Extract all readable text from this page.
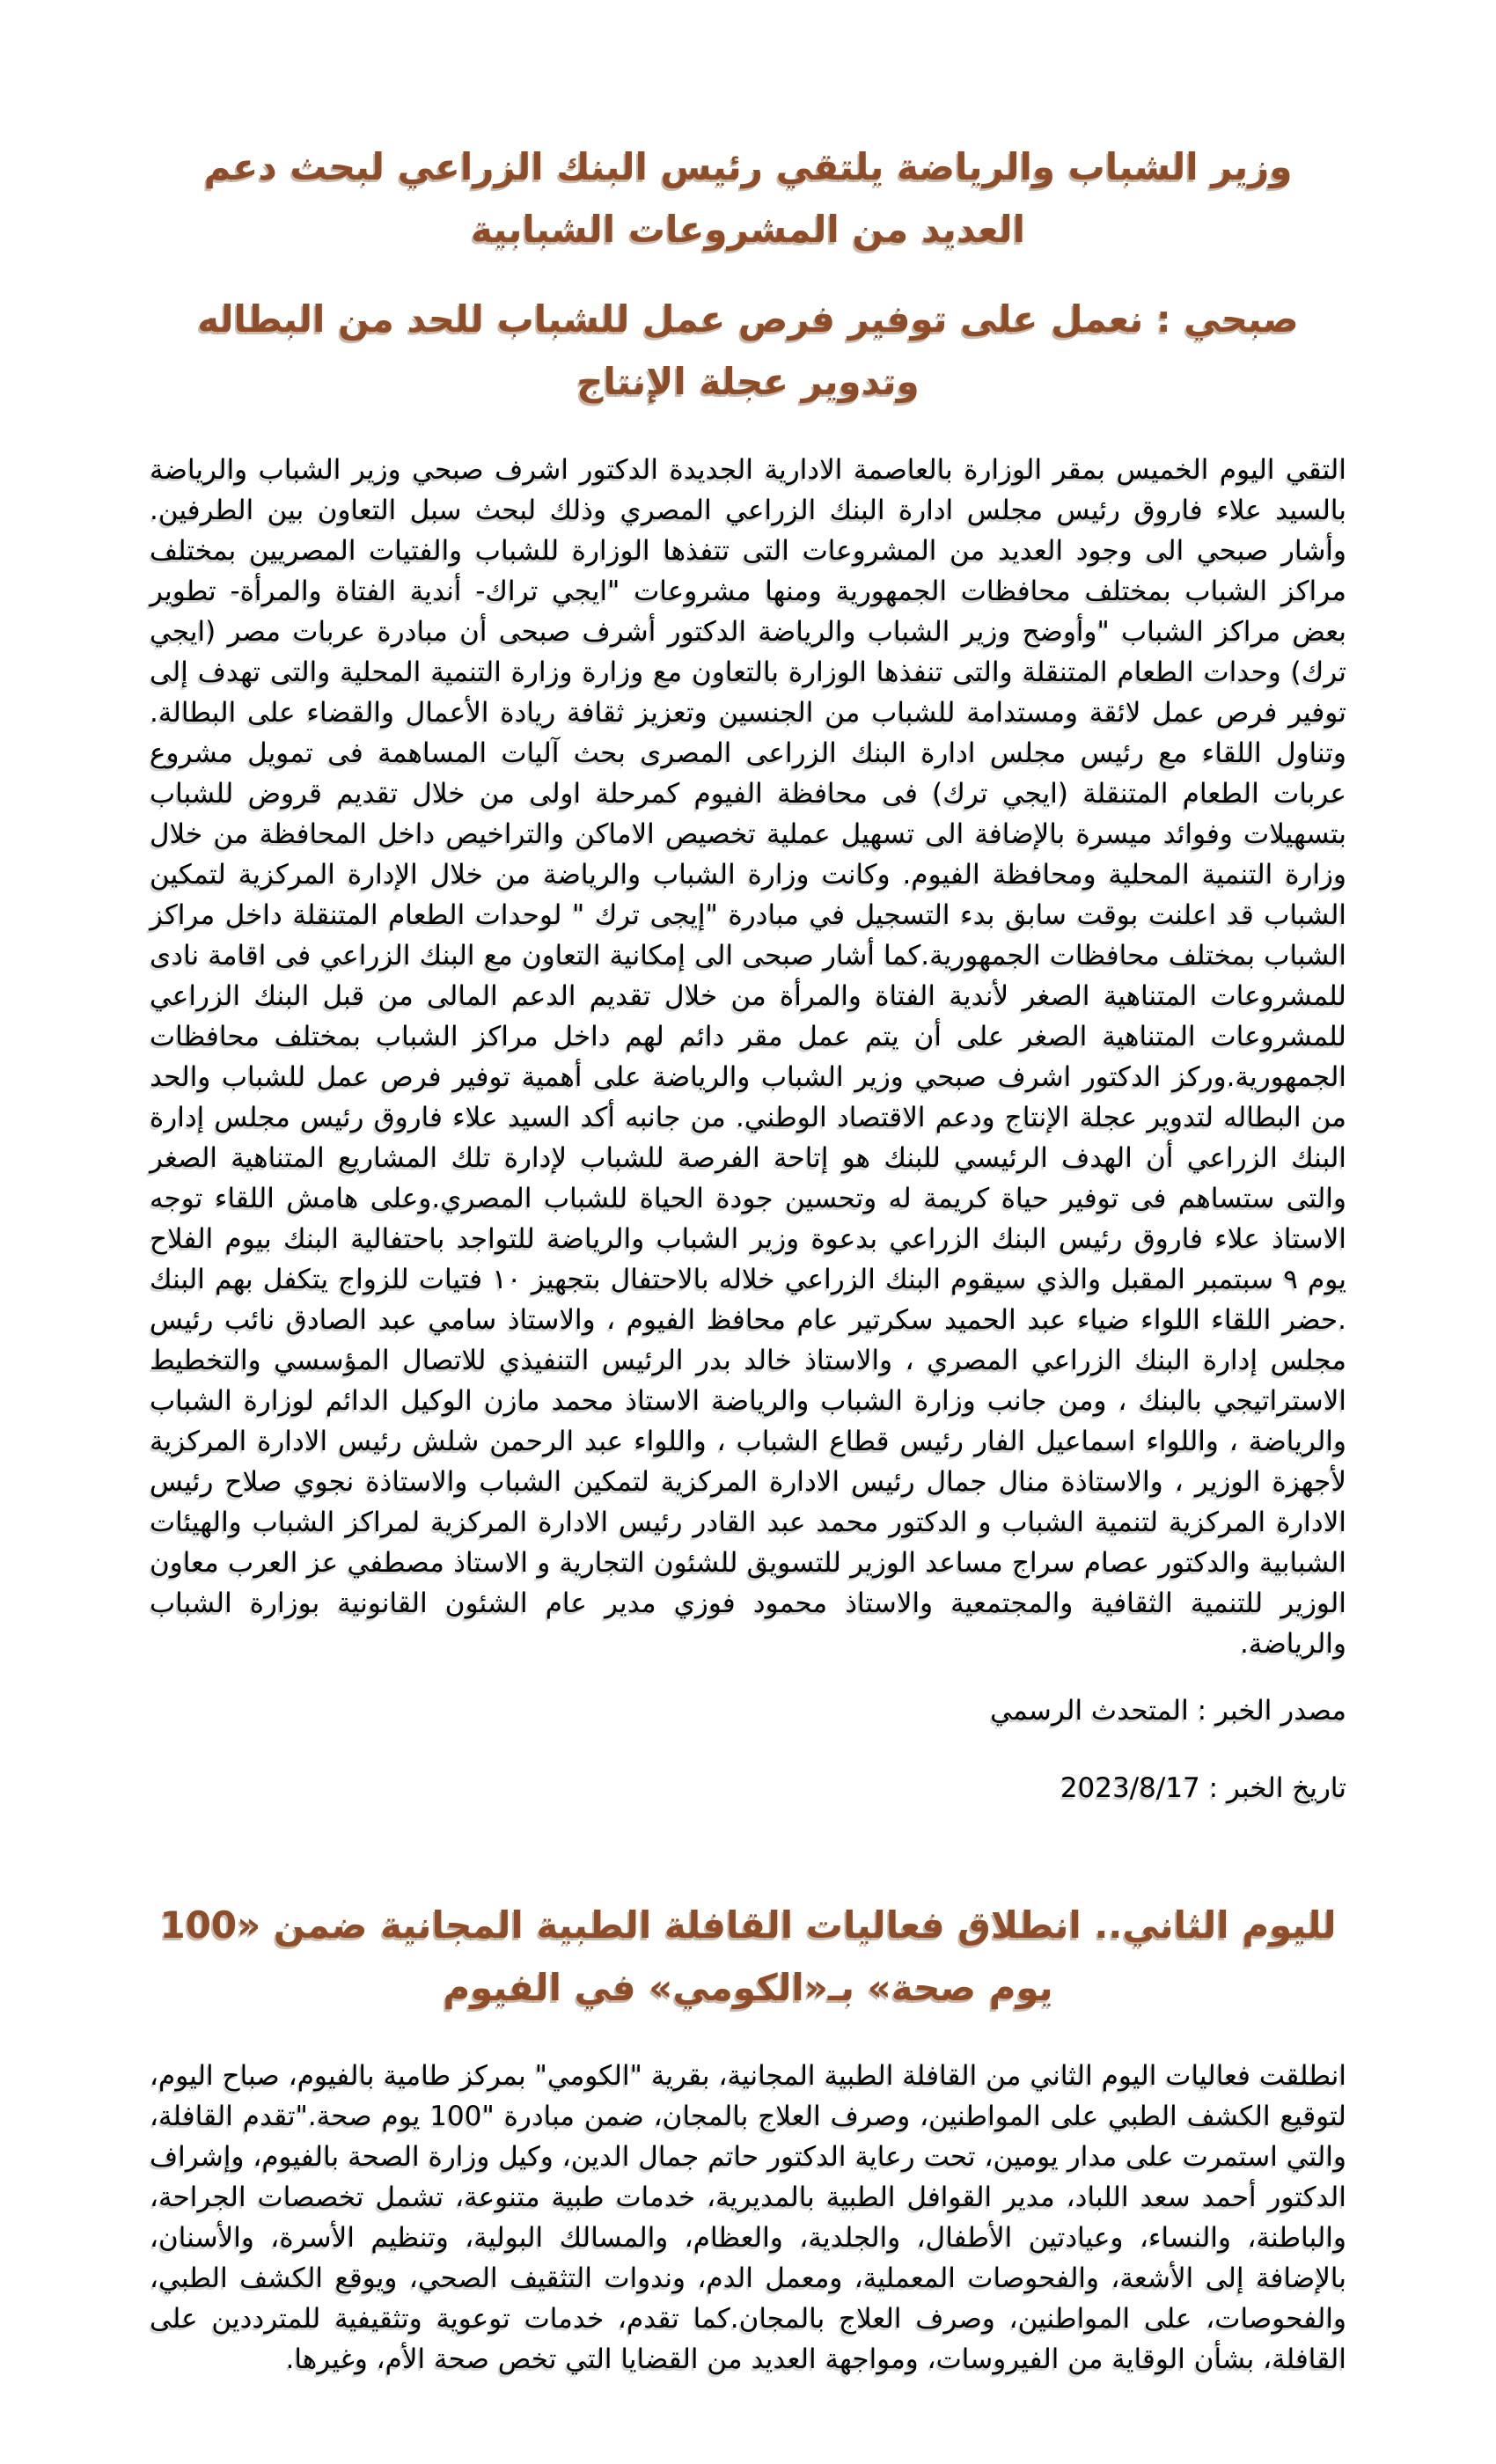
وزير الشباب والرياضة يلتقي رئيس البنك الزراعي لبحث دعم العديد من المشروعات الشبابية
صبحي : نعمل على توفير فرص عمل للشباب للحد من البطاله وتدوير عجلة الإنتاج

التقي اليوم الخميس بمقر الوزارة بالعاصمة الادارية الجديدة الدكتور اشرف صبحي وزير الشباب والرياضة بالسيد علاء فاروق رئيس مجلس ادارة البنك الزراعي المصري وذلك لبحث سبل التعاون بين الطرفين. وأشار صبحي الى وجود العديد من المشروعات التى تتفذها الوزارة للشباب والفتيات المصريين بمختلف مراكز الشباب بمختلف محافظات الجمهورية ومنها مشروعات "ايجي تراك- أندية الفتاة والمرأة- تطوير بعض مراكز الشباب "وأوضح وزير الشباب والرياضة الدكتور أشرف صبحى أن مبادرة عربات مصر (ايجي ترك) وحدات الطعام المتنقلة والتى تنفذها الوزارة بالتعاون مع وزارة وزارة التنمية المحلية والتى تهدف إلى توفير فرص عمل لائقة ومستدامة للشباب من الجنسين وتعزيز ثقافة ريادة الأعمال والقضاء على البطالة. وتناول اللقاء مع رئيس مجلس ادارة البنك الزراعى المصرى بحث آليات المساهمة فى تمويل مشروع عربات الطعام المتنقلة (ايجي ترك) فى محافظة الفيوم كمرحلة اولى من خلال تقديم قروض للشباب بتسهيلات وفوائد ميسرة بالإضافة الى تسهيل عملية تخصيص الاماكن والتراخيص داخل المحافظة من خلال وزارة التنمية المحلية ومحافظة الفيوم. وكانت وزارة الشباب والرياضة من خلال الإدارة المركزية لتمكين الشباب قد اعلنت بوقت سابق بدء التسجيل في مبادرة "إيجى ترك " لوحدات الطعام المتنقلة داخل مراكز الشباب بمختلف محافظات الجمهورية.كما أشار صبحى الى إمكانية التعاون مع البنك الزراعي فى اقامة نادى للمشروعات المتناهية الصغر لأندية الفتاة والمرأة من خلال تقديم الدعم المالى من قبل البنك الزراعي للمشروعات المتناهية الصغر على أن يتم عمل مقر دائم لهم داخل مراكز الشباب بمختلف محافظات الجمهورية.وركز الدكتور اشرف صبحي وزير الشباب والرياضة على أهمية توفير فرص عمل للشباب والحد من البطاله لتدوير عجلة الإنتاج ودعم الاقتصاد الوطني. من جانبه أكد السيد علاء فاروق رئيس مجلس إدارة البنك الزراعي أن الهدف الرئيسي للبنك هو إتاحة الفرصة للشباب لإدارة تلك المشاريع المتناهية الصغر والتى ستساهم فى توفير حياة كريمة له وتحسين جودة الحياة للشباب المصري.وعلى هامش اللقاء توجه الاستاذ علاء فاروق رئيس البنك الزراعي بدعوة وزير الشباب والرياضة للتواجد باحتفالية البنك بيوم الفلاح يوم ٩ سبتمبر المقبل والذي سيقوم البنك الزراعي خلاله بالاحتفال بتجهيز ١٠ فتيات للزواج يتكفل بهم البنك .حضر اللقاء اللواء ضياء عبد الحميد سكرتير عام محافظ الفيوم ، والاستاذ سامي عبد الصادق نائب رئيس مجلس إدارة البنك الزراعي المصري ، والاستاذ خالد بدر الرئيس التنفيذي للاتصال المؤسسي والتخطيط الاستراتيجي بالبنك ، ومن جانب وزارة الشباب والرياضة الاستاذ محمد مازن الوكيل الدائم لوزارة الشباب والرياضة ، واللواء اسماعيل الفار رئيس قطاع الشباب ، واللواء عبد الرحمن شلش رئيس الادارة المركزية لأجهزة الوزير ، والاستاذة منال جمال رئيس الادارة المركزية لتمكين الشباب والاستاذة نجوي صلاح رئيس الادارة المركزية لتنمية الشباب و الدكتور محمد عبد القادر رئيس الادارة المركزية لمراكز الشباب والهيئات الشبابية والدكتور عصام سراج مساعد الوزير للتسويق للشئون التجارية و الاستاذ مصطفي عز العرب معاون الوزير للتنمية الثقافية والمجتمعية والاستاذ محمود فوزي مدير عام الشئون القانونية بوزارة الشباب والرياضة.

مصدر الخبر : المتحدث الرسمي

تاريخ الخبر : 2023/8/17

لليوم الثاني.. انطلاق فعاليات القافلة الطبية المجانية ضمن «100 يوم صحة» بـ«الكومي» في الفيوم

انطلقت فعاليات اليوم الثاني من القافلة الطبية المجانية، بقرية "الكومي" بمركز طامية بالفيوم، صباح اليوم، لتوقيع الكشف الطبي على المواطنين، وصرف العلاج بالمجان، ضمن مبادرة "100 يوم صحة."تقدم القافلة، والتي استمرت على مدار يومين، تحت رعاية الدكتور حاتم جمال الدين، وكيل وزارة الصحة بالفيوم، وإشراف الدكتور أحمد سعد اللباد، مدير القوافل الطبية بالمديرية، خدمات طبية متنوعة، تشمل تخصصات الجراحة، والباطنة، والنساء، وعيادتين الأطفال، والجلدية، والعظام، والمسالك البولية، وتنظيم الأسرة، والأسنان، بالإضافة إلى الأشعة، والفحوصات المعملية، ومعمل الدم، وندوات التثقيف الصحي، ويوقع الكشف الطبي، والفحوصات، على المواطنين، وصرف العلاج بالمجان.كما تقدم، خدمات توعوية وتثقيفية للمترددين على القافلة، بشأن الوقاية من الفيروسات، ومواجهة العديد من القضايا التي تخص صحة الأم، وغيرها.
